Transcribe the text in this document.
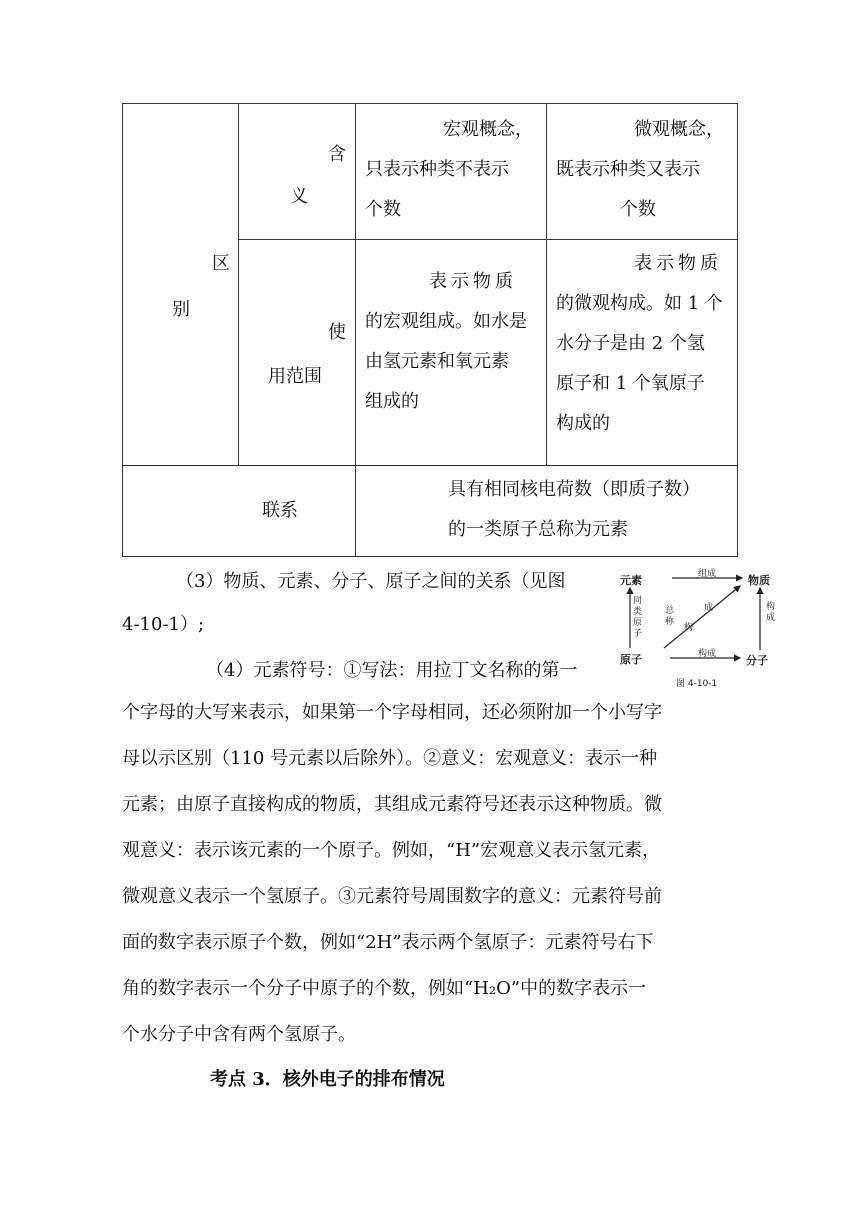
区
别
含
义
使
用范围
宏观概念，
只表示种类不表示
个数
微观概念，
既表示种类又表示
个数
表示物质
的宏观组成。如水是
由氢元素和氧元素
组成的
表示物质
的微观构成。如 1 个
水分子是由 2 个氢
原子和 1 个氧原子
构成的
联系
具有相同核电荷数（即质子数）
的一类原子总称为元素
（3）物质、元素、分子、原子之间的关系（见图
4-10-1）;
（4）元素符号：①写法：用拉丁文名称的第一
个字母的大写来表示，如果第一个字母相同，还必须附加一个小写字
母以示区别（110 号元素以后除外）。②意义：宏观意义：表示一种
元素；由原子直接构成的物质，其组成元素符号还表示这种物质。微
观意义：表示该元素的一个原子。例如，“H”宏观意义表示氢元素，
微观意义表示一个氢原子。③元素符号周围数字的意义：元素符号前
面的数字表示原子个数，例如“2H”表示两个氢原子：元素符号右下
角的数字表示一个分子中原子的个数，例如“H₂O”中的数字表示一
个水分子中含有两个氢原子。
考点 3．核外电子的排布情况
元素	物质
原子	分子
组成
构成
构成
同类原子
总称
成
构
图 4-10-1
